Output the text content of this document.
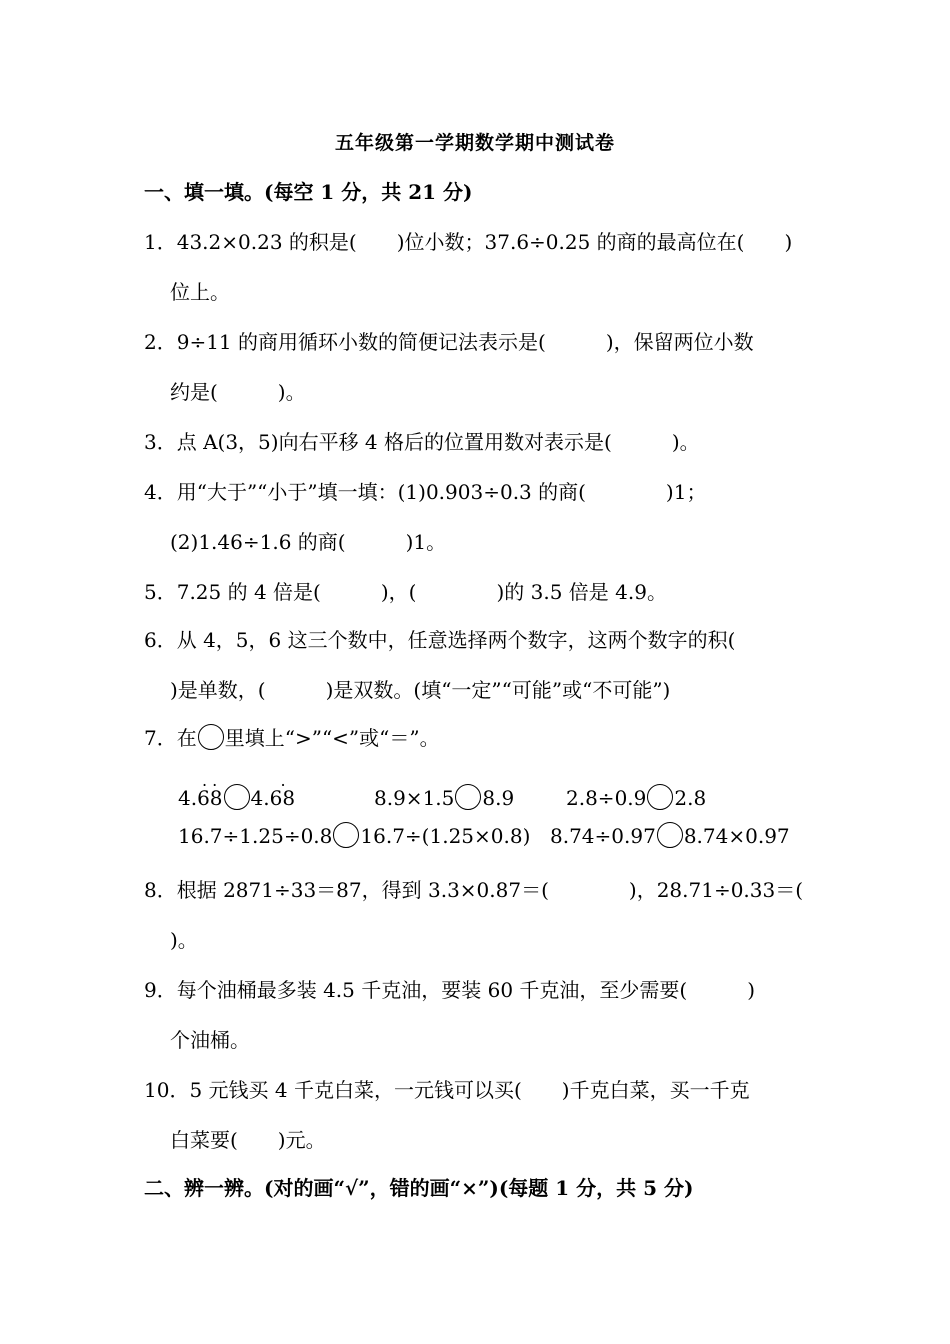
五年级第一学期数学期中测试卷
一、填一填。(每空 1 分，共 21 分)
1．43.2×0.23 的积是(　　)位小数；37.6÷0.25 的商的最高位在(　　)
位上。
2．9÷11 的商用循环小数的简便记法表示是(　　　)，保留两位小数
约是(　　　)。
3．点 A(3，5)向右平移 4 格后的位置用数对表示是(　　　)。
4．用“大于”“小于”填一填：(1)0.903÷0.3 的商(　　　　)1；
(2)1.46÷1.6 的商(　　　)1。
5．7.25 的 4 倍是(　　　)，(　　　　)的 3.5 倍是 4.9。
6．从 4，5，6 这三个数中，任意选择两个数字，这两个数字的积(
)是单数，(　　　)是双数。(填“一定”“可能”或“不可能”)
7．在 里填上“>”“<”或“＝”。
. .
4.68
.
4.68	8.9×1.5 8.9	2.8÷0.9 2.8
16.7÷1.25÷0.8 16.7÷(1.25×0.8) 8.74÷0.97 8.74×0.97
8．根据 2871÷33＝87，得到 3.3×0.87＝(　　　　)，28.71÷0.33＝(
)。
9．每个油桶最多装 4.5 千克油，要装 60 千克油，至少需要(　　　)
个油桶。
10．5 元钱买 4 千克白菜，一元钱可以买(　　)千克白菜，买一千克
白菜要(　　)元。
二、辨一辨。(对的画“√”，错的画“×”)(每题 1 分，共 5 分)
